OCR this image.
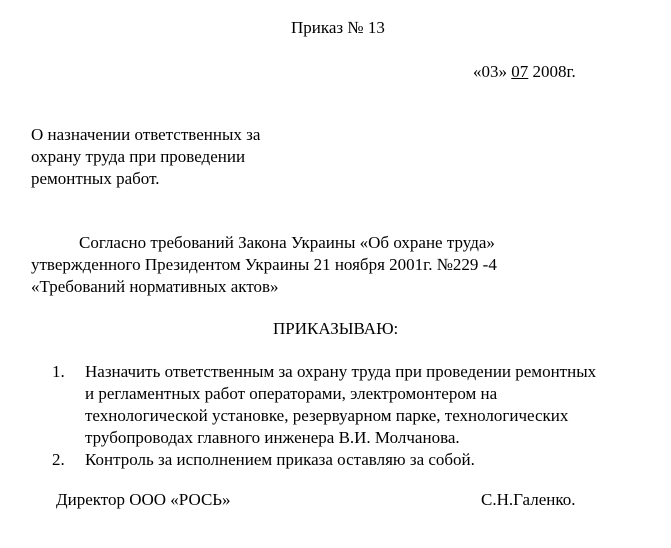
Приказ № 13
«03» 07 2008г.
О назначении ответственных за
охрану труда при проведении
ремонтных работ.
Согласно требований Закона Украины «Об охране труда»
утвержденного Президентом Украины 21 ноября 2001г. №229 -4
«Требований нормативных актов»
ПРИКАЗЫВАЮ:
1. Назначить ответственным за охрану труда при проведении ремонтных
и регламентных работ операторами, электромонтером на
технологической установке, резервуарном парке, технологических
трубопроводах главного инженера В.И. Молчанова.
2. Контроль за исполнением приказа оставляю за собой.
Директор ООО «РОСЬ»	С.Н.Галенко.
